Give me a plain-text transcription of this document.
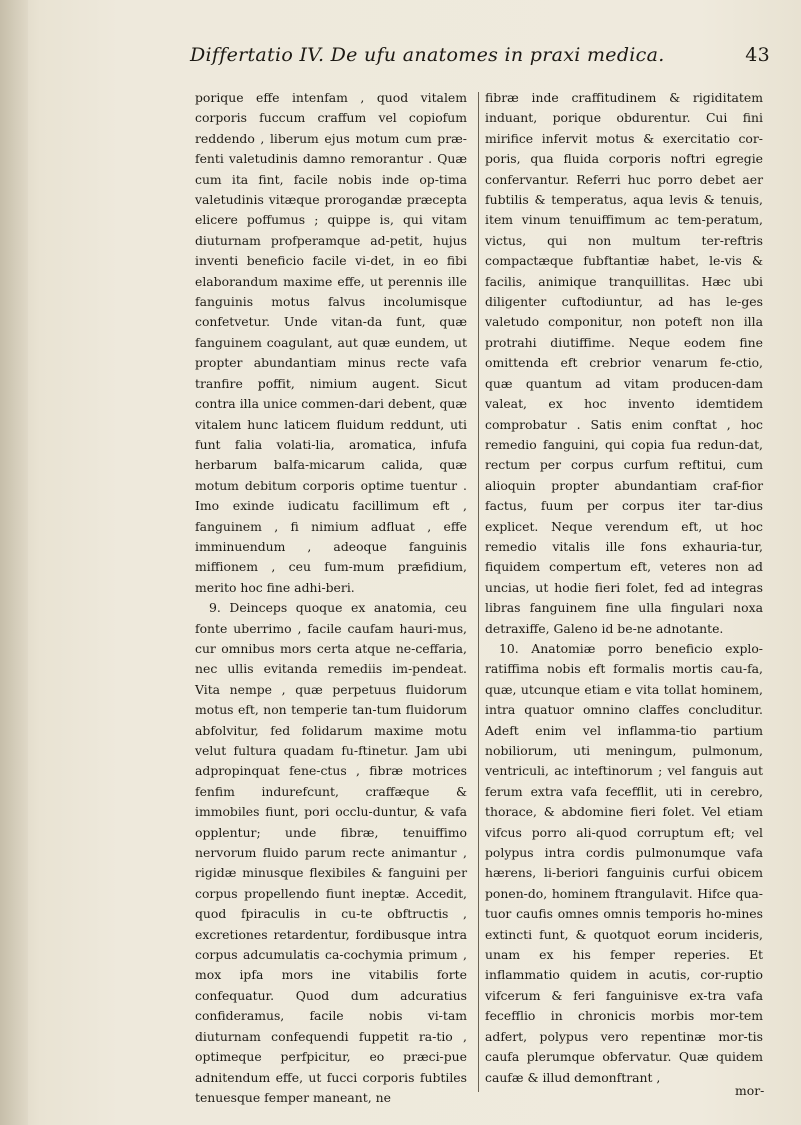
Differtatio IV. De ufu anatomes in praxi medica.	43

porique effe intenfam , quod vitalem corporis fuccum craffum vel copiofum reddendo , liberum ejus motum cum præ-fenti valetudinis damno remorantur . Quæ cum ita fint, facile nobis inde op-tima valetudinis vitæque prorogandæ præcepta elicere poffumus ; quippe is, qui vitam diuturnam profperamque ad-petit, hujus inventi beneficio facile vi-det, in eo fibi elaborandum maxime effe, ut perennis ille fanguinis motus falvus incolumisque confetvetur. Unde vitan-da funt, quæ fanguinem coagulant, aut quæ eundem, ut propter abundantiam minus recte vafa tranfire poffit, nimium augent. Sicut contra illa unice commen-dari debent, quæ vitalem hunc laticem fluidum reddunt, uti funt falia volati-lia, aromatica, infufa herbarum balfa-micarum calida, quæ motum debitum corporis optime tuentur . Imo exinde iudicatu facillimum eft , fanguinem , fi nimium adfluat , effe imminuendum , adeoque fanguinis miffionem , ceu fum-mum præfidium, merito hoc fine adhi-beri.

9. Deinceps quoque ex anatomia, ceu fonte uberrimo , facile caufam hauri-mus, cur omnibus mors certa atque ne-ceffaria, nec ullis evitanda remediis im-pendeat. Vita nempe , quæ perpetuus fluidorum motus eft, non temperie tan-tum fluidorum abfolvitur, fed folidarum maxime motu velut fultura quadam fu-ftinetur. Jam ubi adpropinquat fene-ctus , fibræ motrices fenfim indurefcunt, craffæque & immobiles fiunt, pori occlu-duntur, & vafa opplentur; unde fibræ, tenuiffimo nervorum fluido parum recte animantur , rigidæ minusque flexibiles & fanguini per corpus propellendo fiunt ineptæ. Accedit, quod fpiraculis in cu-te obftructis , excretiones retardentur, fordibusque intra corpus adcumulatis ca-cochymia primum , mox ipfa mors ine vitabilis forte confequatur. Quod dum adcuratius confideramus, facile nobis vi-tam diuturnam confequendi fuppetit ra-tio , optimeque perfpicitur, eo præci-pue adnitendum effe, ut fucci corporis fubtiles tenuesque femper maneant, ne

fibræ inde craffitudinem & rigiditatem induant, porique obdurentur. Cui fini mirifice infervit motus & exercitatio cor-poris, qua fluida corporis noftri egregie confervantur. Referri huc porro debet aer fubtilis & temperatus, aqua levis & tenuis, item vinum tenuiffimum ac tem-peratum, victus, qui non multum ter-reftris compactæque fubftantiæ habet, le-vis & facilis, animique tranquillitas. Hæc ubi diligenter cuftodiuntur, ad has le-ges valetudo componitur, non poteft non illa protrahi diutiffime. Neque eodem fine omittenda eft crebrior venarum fe-ctio, quæ quantum ad vitam producen-dam valeat, ex hoc invento idemtidem comprobatur . Satis enim conftat , hoc remedio fanguini, qui copia fua redun-dat, rectum per corpus curfum reftitui, cum alioquin propter abundantiam craf-fior factus, fuum per corpus iter tar-dius explicet. Neque verendum eft, ut hoc remedio vitalis ille fons exhauria-tur, fiquidem compertum eft, veteres non ad uncias, ut hodie fieri folet, fed ad integras libras fanguinem fine ulla fingulari noxa detraxiffe, Galeno id be-ne adnotante.

10. Anatomiæ porro beneficio explo-ratiffima nobis eft formalis mortis cau-fa, quæ, utcunque etiam e vita tollat hominem, intra quatuor omnino claffes concluditur. Adeft enim vel inflamma-tio partium nobiliorum, uti meningum, pulmonum, ventriculi, ac inteftinorum ; vel fanguis aut ferum extra vafa fecefflit, uti in cerebro, thorace, & abdomine fieri folet. Vel etiam vifcus porro ali-quod corruptum eft; vel polypus intra cordis pulmonumque vafa hærens, li-beriori fanguinis curfui obicem ponen-do, hominem ftrangulavit. Hifce qua-tuor caufis omnes omnis temporis ho-mines extincti funt, & quotquot eorum incideris, unam ex his femper reperies. Et inflammatio quidem in acutis, cor-ruptio vifcerum & feri fanguinisve ex-tra vafa fecefflio in chronicis morbis mor-tem adfert, polypus vero repentinæ mor-tis caufa plerumque obfervatur. Quæ quidem caufæ & illud demonftrant ,

mor-
